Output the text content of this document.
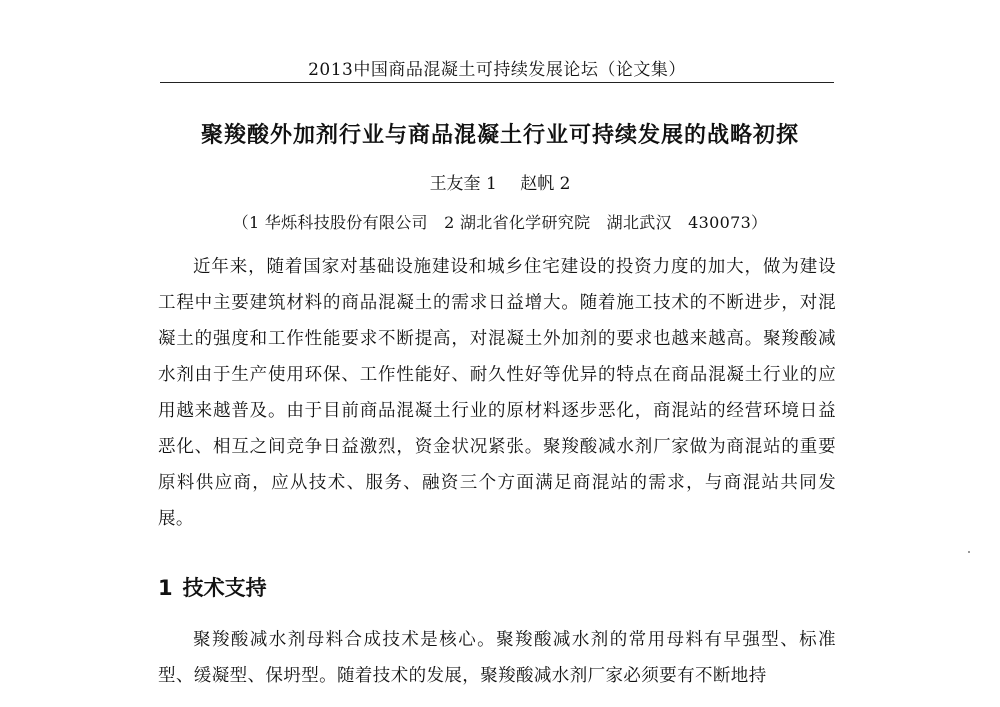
2013中国商品混凝土可持续发展论坛（论文集）
聚羧酸外加剂行业与商品混凝土行业可持续发展的战略初探
王友奎 1 赵帆 2
（1 华烁科技股份有限公司　2 湖北省化学研究院　湖北武汉　430073）
近年来，随着国家对基础设施建设和城乡住宅建设的投资力度的加大，做为建设工程中主要建筑材料的商品混凝土的需求日益增大。随着施工技术的不断进步，对混凝土的强度和工作性能要求不断提高，对混凝土外加剂的要求也越来越高。聚羧酸减水剂由于生产使用环保、工作性能好、耐久性好等优异的特点在商品混凝土行业的应用越来越普及。由于目前商品混凝土行业的原材料逐步恶化，商混站的经营环境日益恶化、相互之间竞争日益激烈，资金状况紧张。聚羧酸减水剂厂家做为商混站的重要原料供应商，应从技术、服务、融资三个方面满足商混站的需求，与商混站共同发展。
1 技术支持
聚羧酸减水剂母料合成技术是核心。聚羧酸减水剂的常用母料有早强型、标准型、缓凝型、保坍型。随着技术的发展，聚羧酸减水剂厂家必须要有不断地持
